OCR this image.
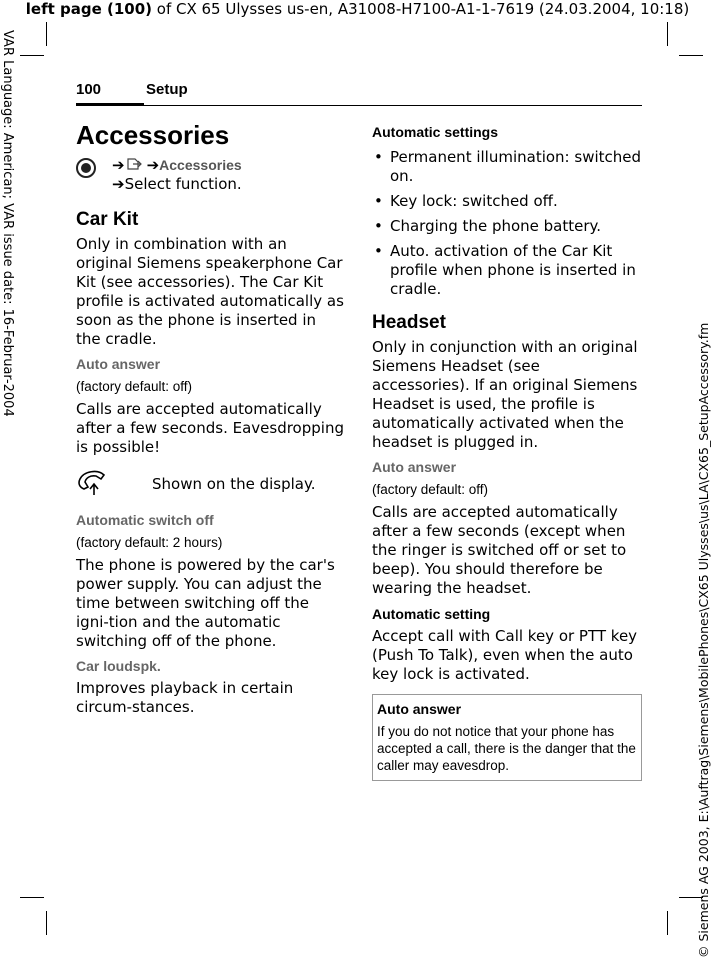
left page (100) of CX 65 Ulysses us-en, A31008-H7100-A1-1-7619 (24.03.2004, 10:18)
VAR Language: American; VAR issue date: 16-Februar-2004
© Siemens AG 2003, E:\Auftrag\Siemens\MobilePhones\CX65 Ulysses\us\LA\CX65_SetupAccessory.fm
100	Setup
Accessories
➔ ➔Accessories
➔Select function.
Car Kit

Only in combination with an original Siemens speakerphone Car Kit (see accessories). The Car Kit profile is activated automatically as soon as the phone is inserted in the cradle.

Auto answer
(factory default: off)

Calls are accepted automatically after a few seconds. Eavesdropping is possible!

Shown on the display.
Automatic switch off
(factory default: 2 hours)

The phone is powered by the car's power supply. You can adjust the time between switching off the igni-tion and the automatic switching off of the phone.

Car loudspk.

Improves playback in certain circum-stances.

Automatic settings
• Permanent illumination: switched on.
• Key lock: switched off.
• Charging the phone battery.
• Auto. activation of the Car Kit profile when phone is inserted in cradle.
Headset

Only in conjunction with an original Siemens Headset (see accessories). If an original Siemens Headset is used, the profile is automatically activated when the headset is plugged in.

Auto answer
(factory default: off)

Calls are accepted automatically after a few seconds (except when the ringer is switched off or set to beep). You should therefore be wearing the headset.

Automatic setting

Accept call with Call key or PTT key (Push To Talk), even when the auto key lock is activated.

Auto answer
If you do not notice that your phone has accepted a call, there is the danger that the caller may eavesdrop.
